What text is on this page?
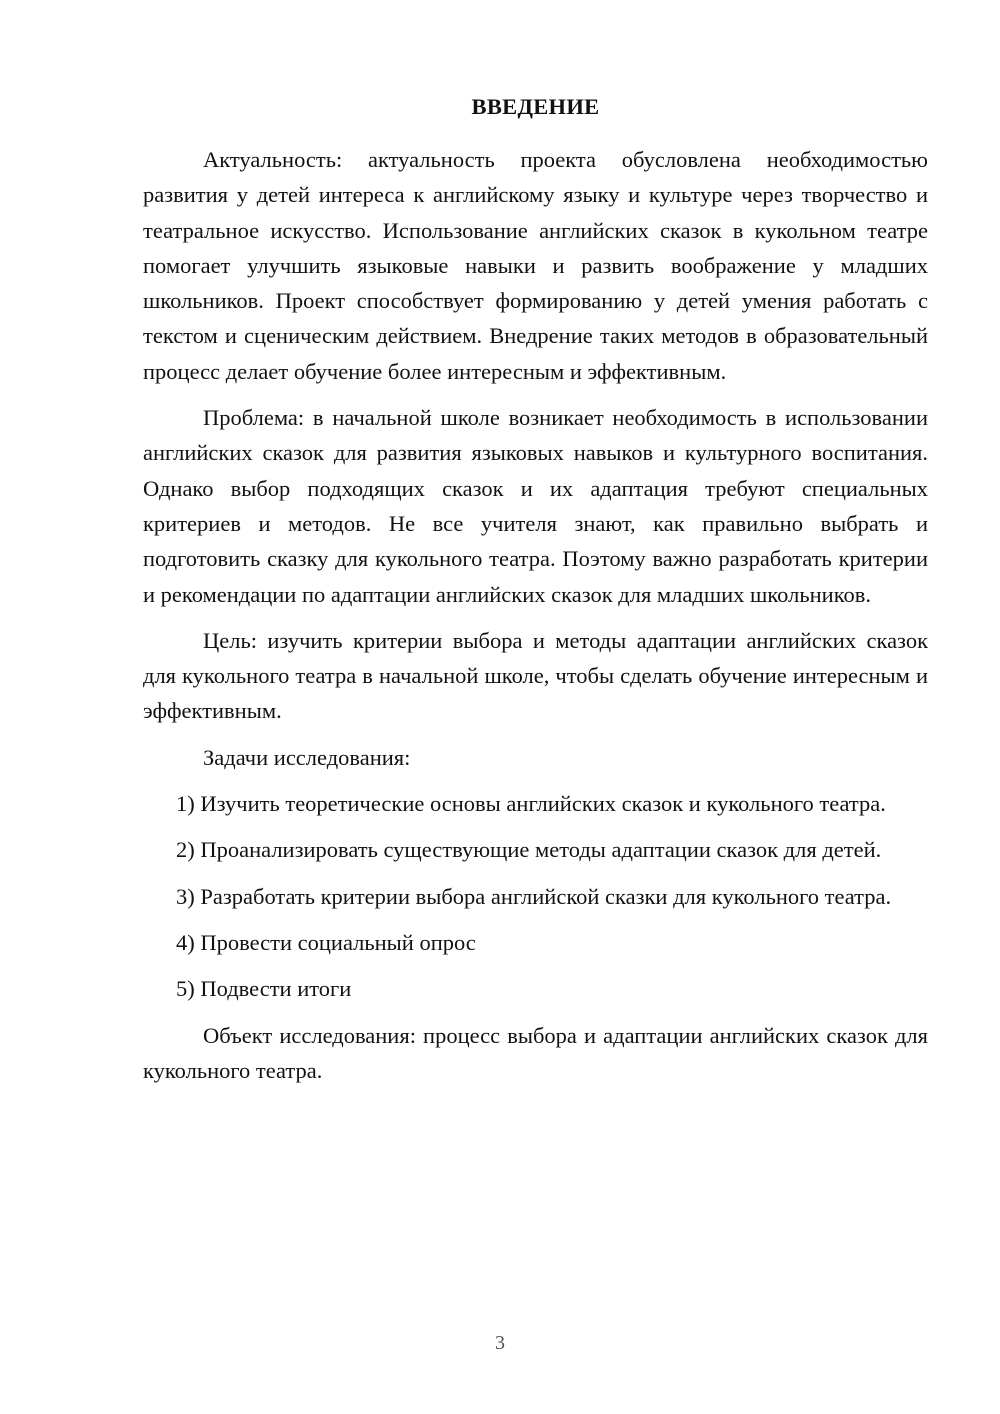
ВВЕДЕНИЕ

Актуальность: актуальность проекта обусловлена необходимостью развития у детей интереса к английскому языку и культуре через творчество и театральное искусство. Использование английских сказок в кукольном театре помогает улучшить языковые навыки и развить воображение у младших школьников. Проект способствует формированию у детей умения работать с текстом и сценическим действием. Внедрение таких методов в образовательный процесс делает обучение более интересным и эффективным.

Проблема: в начальной школе возникает необходимость в использовании английских сказок для развития языковых навыков и культурного воспитания. Однако выбор подходящих сказок и их адаптация требуют специальных критериев и методов. Не все учителя знают, как правильно выбрать и подготовить сказку для кукольного театра. Поэтому важно разработать критерии и рекомендации по адаптации английских сказок для младших школьников.

Цель: изучить критерии выбора и методы адаптации английских сказок для кукольного театра в начальной школе, чтобы сделать обучение интересным и эффективным.

Задачи исследования:

1) Изучить теоретические основы английских сказок и кукольного театра.

2) Проанализировать существующие методы адаптации сказок для детей.

3) Разработать критерии выбора английской сказки для кукольного театра.

4) Провести социальный опрос

5) Подвести итоги

Объект исследования: процесс выбора и адаптации английских сказок для кукольного театра.

3
